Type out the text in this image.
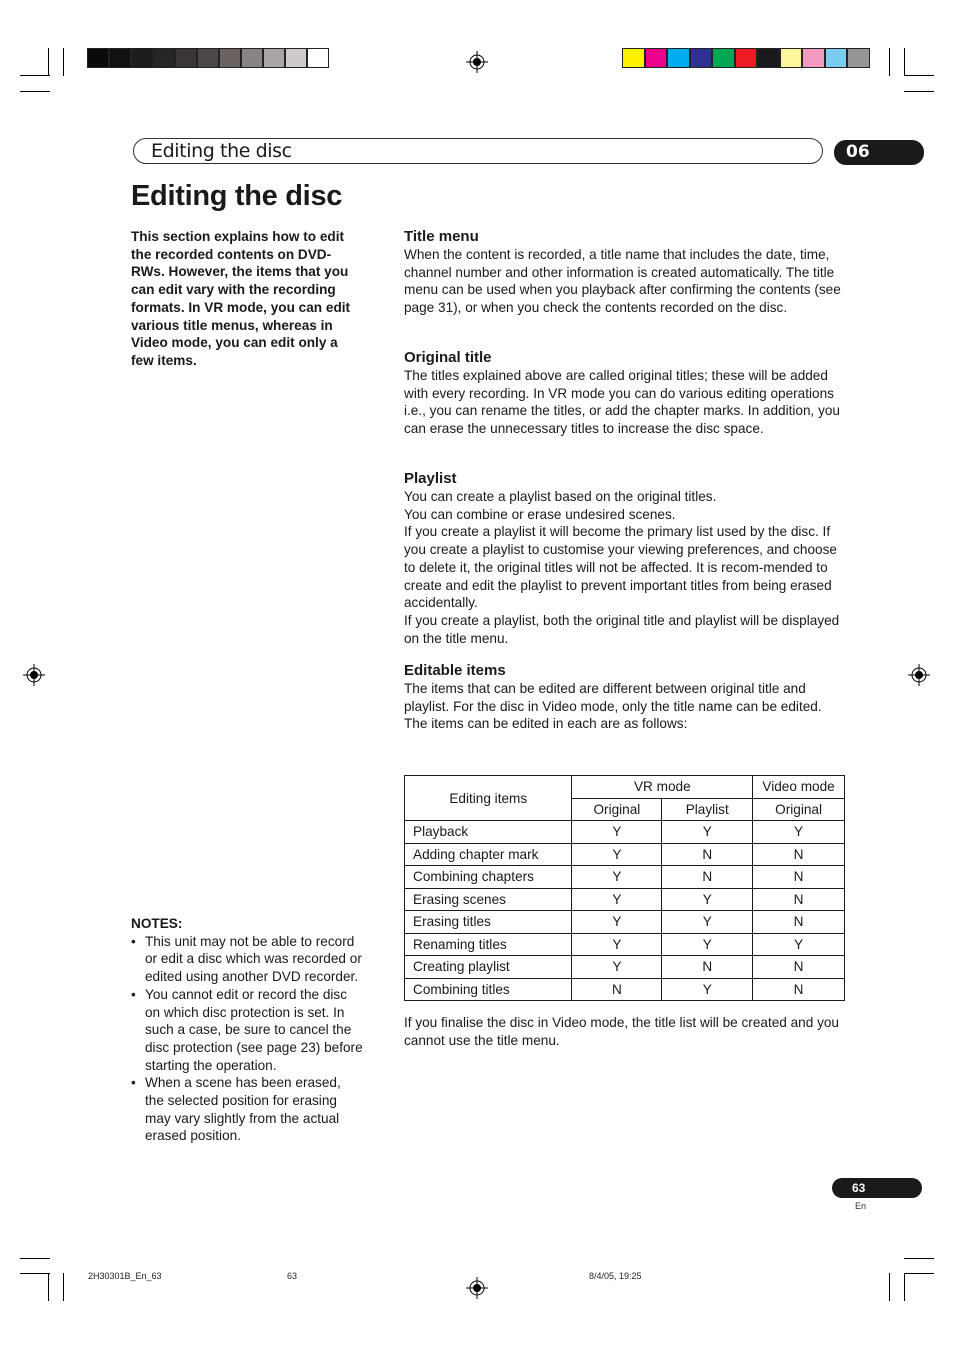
Editing the disc	06
Editing the disc
This section explains how to edit the recorded contents on DVD-RWs. However, the items that you can edit vary with the recording formats. In VR mode, you can edit various title menus, whereas in Video mode, you can edit only a few items.
Title menu

When the content is recorded, a title name that includes the date, time, channel number and other information is created automatically. The title menu can be used when you playback after confirming the contents (see page 31), or when you check the contents recorded on the disc.

Original title

The titles explained above are called original titles; these will be added with every recording. In VR mode you can do various editing operations i.e., you can rename the titles, or add the chapter marks. In addition, you can erase the unnecessary titles to increase the disc space.

Playlist

You can create a playlist based on the original titles.

You can combine or erase undesired scenes.

If you create a playlist it will become the primary list used by the disc. If you create a playlist to customise your viewing preferences, and choose to delete it, the original titles will not be affected. It is recom-mended to create and edit the playlist to prevent important titles from being erased accidentally.

If you create a playlist, both the original title and playlist will be displayed on the title menu.

Editable items

The items that can be edited are different between original title and playlist. For the disc in Video mode, only the title name can be edited.

The items can be edited in each are as follows:

Editing items	VR mode		Video mode
	Original	Playlist	Original
Playback	Y	Y	Y
Adding chapter mark	Y	N	N
Combining chapters	Y	N	N
Erasing scenes	Y	Y	N
Erasing titles	Y	Y	N
Renaming titles	Y	Y	Y
Creating playlist	Y	N	N
Combining titles	N	Y	N
If you finalise the disc in Video mode, the title list will be created and you cannot use the title menu.
NOTES:
• This unit may not be able to record or edit a disc which was recorded or edited using another DVD recorder.
• You cannot edit or record the disc on which disc protection is set. In such a case, be sure to cancel the disc protection (see page 23) before starting the operation.
• When a scene has been erased, the selected position for erasing may vary slightly from the actual erased position.
63
En
2H30301B_En_63	63	8/4/05, 19:25
